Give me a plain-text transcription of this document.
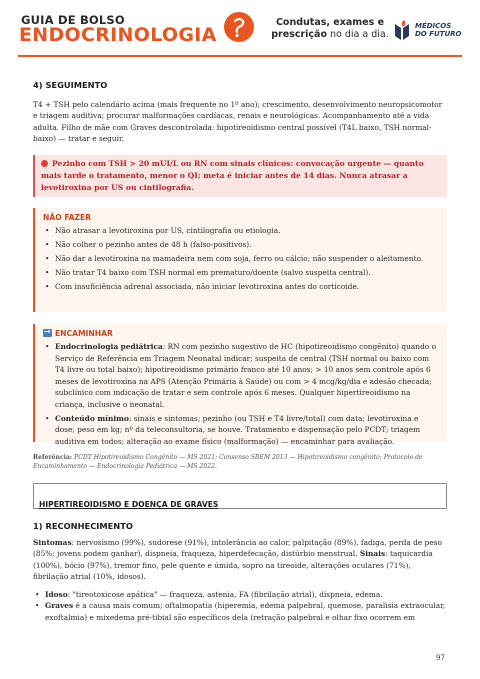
GUIA DE BOLSO
ENDOCRINOLOGIA
Condutas, exames e
prescrição no dia a dia.
MÉDICOS
DO FUTURO
4) SEGUIMENTO

T4 + TSH pelo calendário acima (mais frequente no 1º ano); crescimento, desenvolvimento neuropsicomotor e triagem auditiva; procurar malformações cardíacas, renais e neurológicas. Acompanhamento até a vida adulta. Filho de mãe com Graves descontrolada: hipotireoidismo central possível (T4L baixo, TSH normal-baixo) — tratar e seguir.

Pezinho com TSH > 20 mUI/L ou RN com sinais clínicos: convocação urgente — quanto mais tarde o tratamento, menor o QI; meta é iniciar antes de 14 dias. Nunca atrasar a levotiroxina por US ou cintilografia.
NÃO FAZER
• Não atrasar a levotiroxina por US, cintilografia ou etiologia.
• Não colher o pezinho antes de 48 h (falso-positivos).
• Não dar a levotiroxina na mamadeira nem com soja, ferro ou cálcio; não suspender o aleitamento.
• Não tratar T4 baixo com TSH normal em prematuro/doente (salvo suspeita central).
• Com insuficiência adrenal associada, não iniciar levotiroxina antes do corticoide.
→ENCAMINHAR
• Endocrinologia pediátrica: RN com pezinho sugestivo de HC (hipotireoidismo congênito) quando o Serviço de Referência em Triagem Neonatal indicar; suspeita de central (TSH normal ou baixo com T4 livre ou total baixo); hipotireoidismo primário franco até 10 anos; > 10 anos sem controle após 6 meses de levotiroxina na APS (Atenção Primária à Saúde) ou com > 4 mcg/kg/dia e adesão checada; subclínico com indicação de tratar e sem controle após 6 meses. Qualquer hipertireoidismo na criança, inclusive o neonatal.
• Conteúdo mínimo: sinais e sintomas; pezinho (ou TSH e T4 livre/total) com data; levotiroxina e dose; peso em kg; nº da teleconsultoria, se houve. Tratamento e dispensação pelo PCDT; triagem auditiva em todos; alteração ao exame físico (malformação) — encaminhar para avaliação.
Referência: PCDT Hipotireoidismo Congênito — MS 2021; Consenso SBEM 2013 — Hipotireoidismo congênito; Protocolo de Encaminhamento — Endocrinologia Pediátrica — MS 2022.
HIPERTIREOIDISMO E DOENÇA DE GRAVES
1) RECONHECIMENTO

Sintomas: nervosismo (99%), sudorese (91%), intolerância ao calor, palpitação (89%), fadiga, perda de peso (85%; jovens podem ganhar), dispneia, fraqueza, hiperdefecação, distúrbio menstrual. Sinais: taquicardia (100%), bócio (97%), tremor fino, pele quente e úmida, sopro na tireoide, alterações oculares (71%), fibrilação atrial (10%, idosos).

• Idoso: "tireotoxicose apática" — fraqueza, astenia, FA (fibrilação atrial), dispneia, edema.
• Graves é a causa mais comum; oftalmopatia (hiperemia, edema palpebral, quemose, paralisia extraocular, exoftalmia) e mixedema pré-tibial são específicos dela (retração palpebral e olhar fixo ocorrem em
97
